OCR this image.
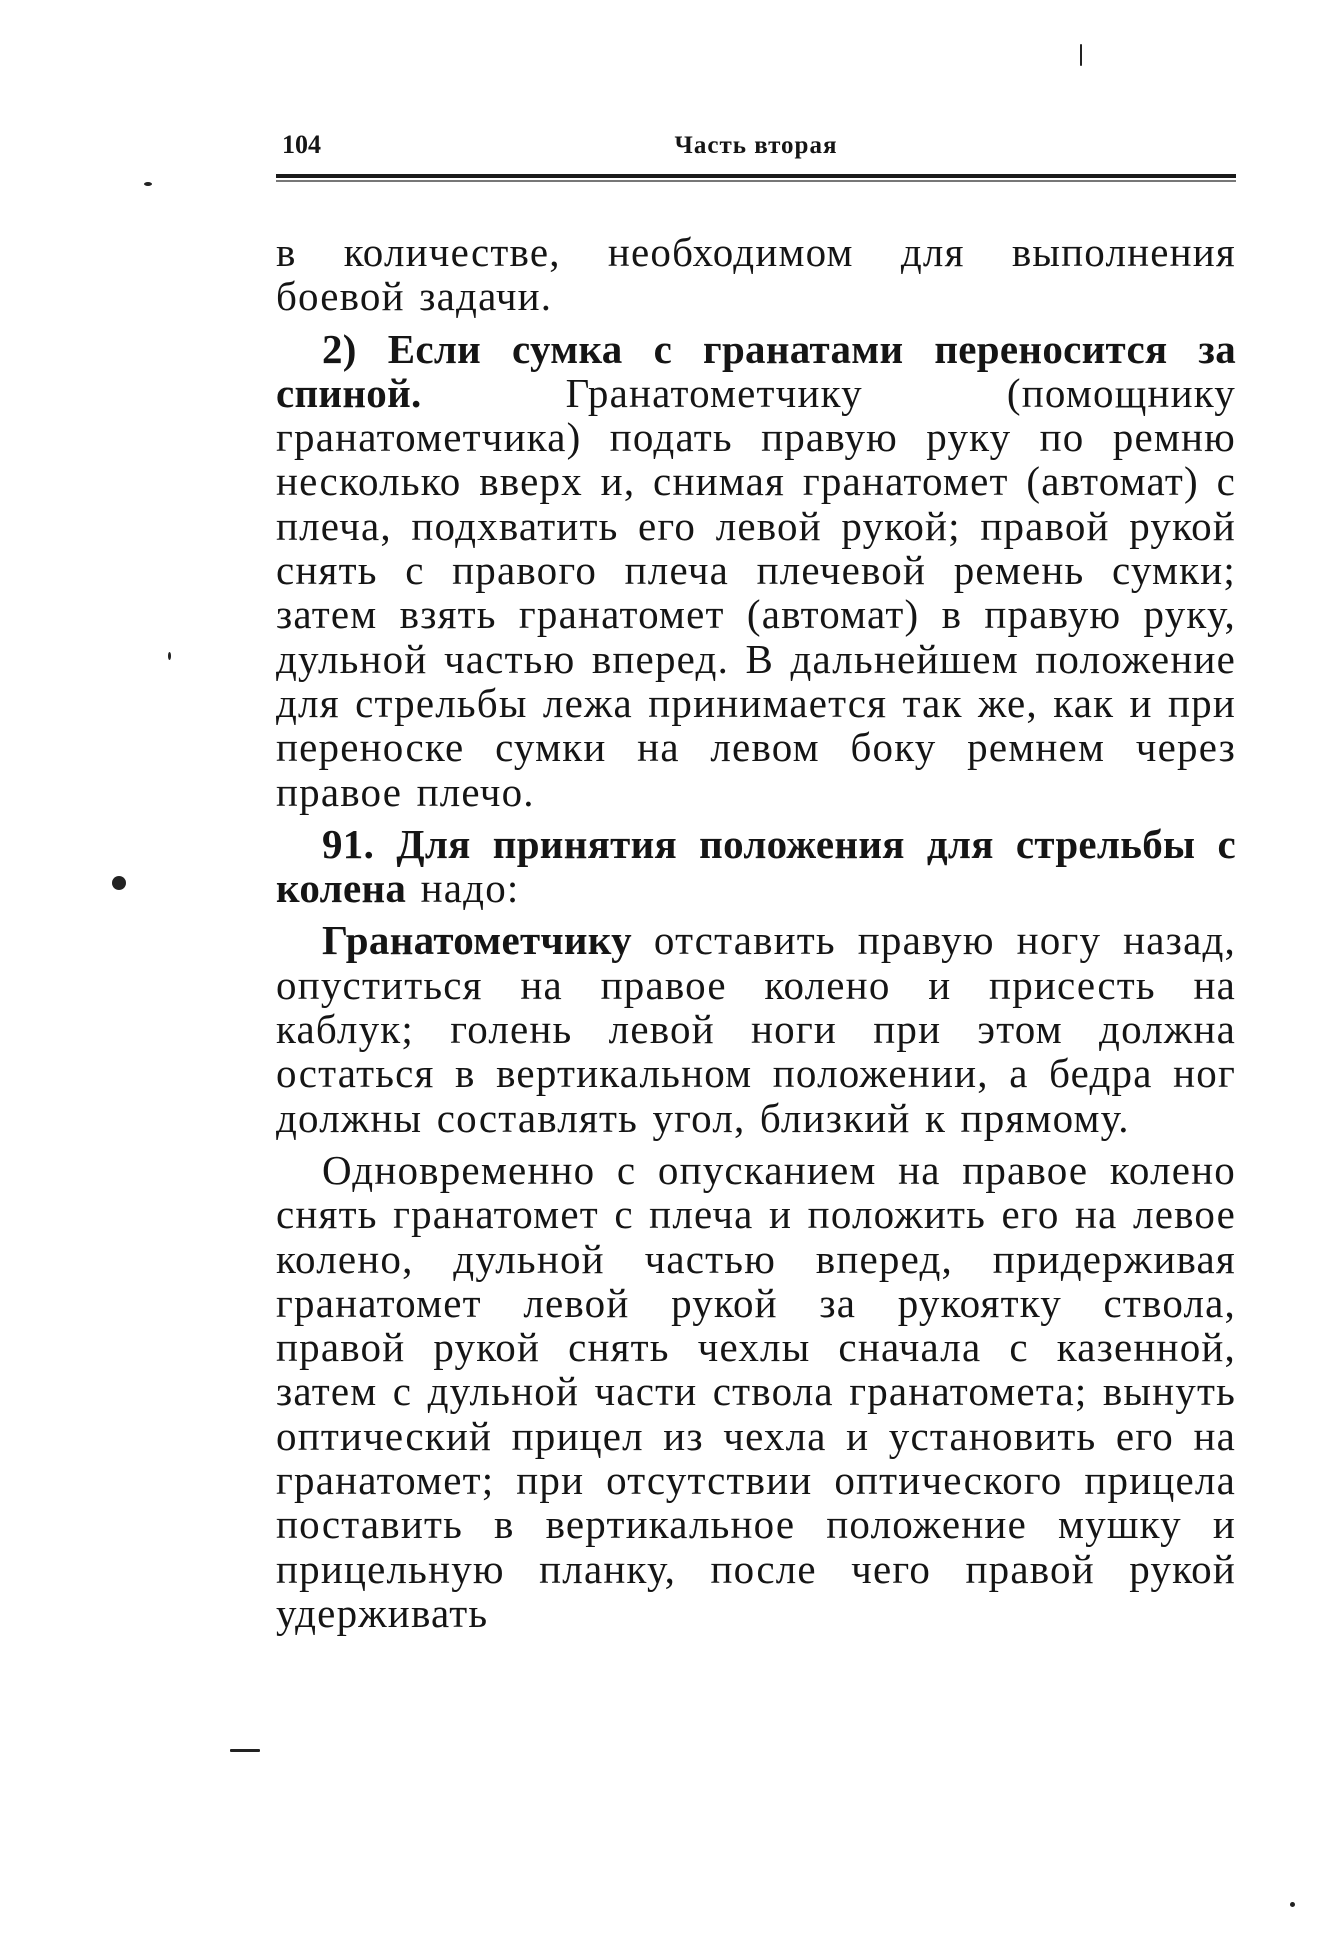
104	Часть вторая

в количестве, необходимом для выполнения боевой задачи.

2) Если сумка с гранатами переносится за спиной. Гранатометчику (помощнику гранатометчика) подать правую руку по ремню несколько вверх и, снимая гранатомет (автомат) с плеча, подхватить его левой рукой; правой рукой снять с правого плеча плечевой ремень сумки; затем взять гранатомет (автомат) в правую руку, дульной частью вперед. В дальнейшем положение для стрельбы лежа принимается так же, как и при переноске сумки на левом боку ремнем через правое плечо.

91. Для принятия положения для стрельбы с колена надо:

Гранатометчику отставить правую ногу назад, опуститься на правое колено и присесть на каблук; голень левой ноги при этом должна остаться в вертикальном положении, а бедра ног должны составлять угол, близкий к прямому.

Одновременно с опусканием на правое колено снять гранатомет с плеча и положить его на левое колено, дульной частью вперед, придерживая гранатомет левой рукой за рукоятку ствола, правой рукой снять чехлы сначала с казенной, затем с дульной части ствола гранатомета; вынуть оптический прицел из чехла и установить его на гранатомет; при отсутствии оптического прицела поставить в вертикальное положение мушку и прицельную планку, после чего правой рукой удерживать
